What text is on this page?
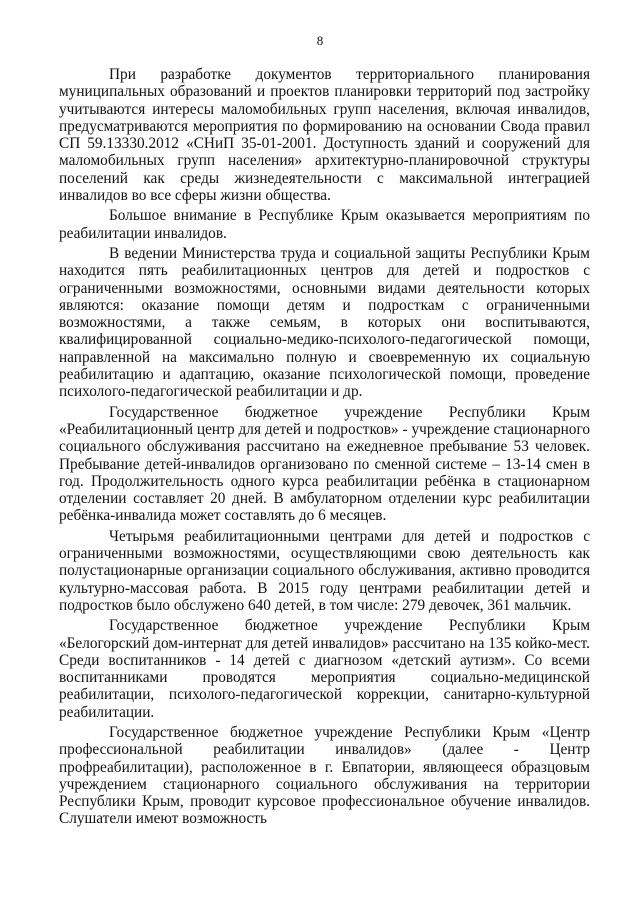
8

При разработке документов территориального планирования муниципальных образований и проектов планировки территорий под застройку учитываются интересы маломобильных групп населения, включая инвалидов, предусматриваются мероприятия по формированию на основании Свода правил СП 59.13330.2012 «СНиП 35-01-2001. Доступность зданий и сооружений для маломобильных групп населения» архитектурно-планировочной структуры поселений как среды жизнедеятельности с максимальной интеграцией инвалидов во все сферы жизни общества.

Большое внимание в Республике Крым оказывается мероприятиям по реабилитации инвалидов.

В ведении Министерства труда и социальной защиты Республики Крым находится пять реабилитационных центров для детей и подростков с ограниченными возможностями, основными видами деятельности которых являются: оказание помощи детям и подросткам с ограниченными возможностями, а также семьям, в которых они воспитываются, квалифицированной социально-медико-психолого-педагогической помощи, направленной на максимально полную и своевременную их социальную реабилитацию и адаптацию, оказание психологической помощи, проведение психолого-педагогической реабилитации и др.

Государственное бюджетное учреждение Республики Крым «Реабилитационный центр для детей и подростков» - учреждение стационарного социального обслуживания рассчитано на ежедневное пребывание 53 человек. Пребывание детей-инвалидов организовано по сменной системе – 13-14 смен в год. Продолжительность одного курса реабилитации ребёнка в стационарном отделении составляет 20 дней. В амбулаторном отделении курс реабилитации ребёнка-инвалида может составлять до 6 месяцев.

Четырьмя реабилитационными центрами для детей и подростков с ограниченными возможностями, осуществляющими свою деятельность как полустационарные организации социального обслуживания, активно проводится культурно-массовая работа. В 2015 году центрами реабилитации детей и подростков было обслужено 640 детей, в том числе: 279 девочек, 361 мальчик.

Государственное бюджетное учреждение Республики Крым «Белогорский дом-интернат для детей инвалидов» рассчитано на 135 койко-мест. Среди воспитанников - 14 детей с диагнозом «детский аутизм». Со всеми воспитанниками проводятся мероприятия социально-медицинской реабилитации, психолого-педагогической коррекции, санитарно-культурной реабилитации.

Государственное бюджетное учреждение Республики Крым «Центр профессиональной реабилитации инвалидов» (далее - Центр профреабилитации), расположенное в г. Евпатории, являющееся образцовым учреждением стационарного социального обслуживания на территории Республики Крым, проводит курсовое профессиональное обучение инвалидов. Слушатели имеют возможность
